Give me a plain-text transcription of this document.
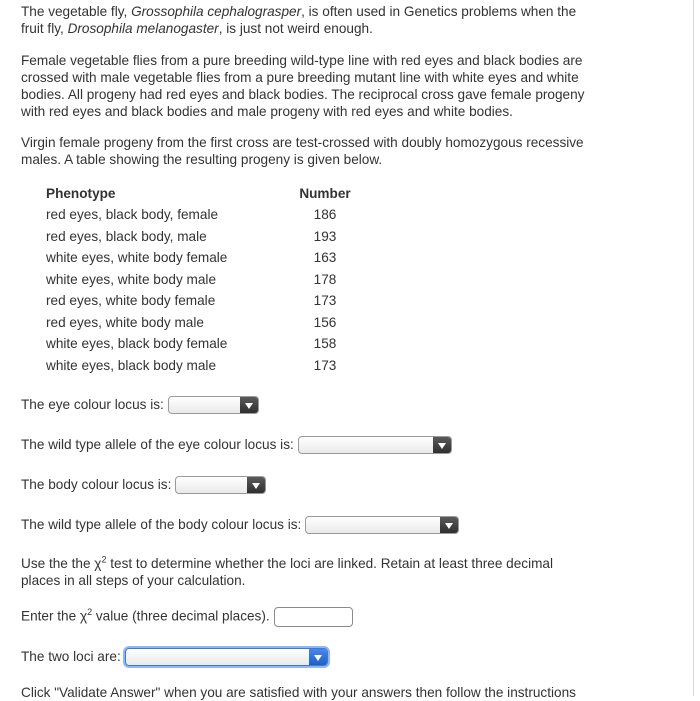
The vegetable fly, Grossophila cephalograsper, is often used in Genetics problems when the
fruit fly, Drosophila melanogaster, is just not weird enough.

Female vegetable flies from a pure breeding wild-type line with red eyes and black bodies are
crossed with male vegetable flies from a pure breeding mutant line with white eyes and white
bodies. All progeny had red eyes and black bodies. The reciprocal cross gave female progeny
with red eyes and black bodies and male progeny with red eyes and white bodies.

Virgin female progeny from the first cross are test-crossed with doubly homozygous recessive
males. A table showing the resulting progeny is given below.

Phenotype	Number
red eyes, black body, female	186
red eyes, black body, male	193
white eyes, white body female	163
white eyes, white body male	178
red eyes, white body female	173
red eyes, white body male	156
white eyes, black body female	158
white eyes, black body male	173
The eye colour locus is:
The wild type allele of the eye colour locus is:
The body colour locus is:
The wild type allele of the body colour locus is:

Use the the $\chi^2$ test to determine whether the loci are linked. Retain at least three decimal
places in all steps of your calculation.

Enter the $\chi^2$ value (three decimal places).
The two loci are:

Click "Validate Answer" when you are satisfied with your answers then follow the instructions
